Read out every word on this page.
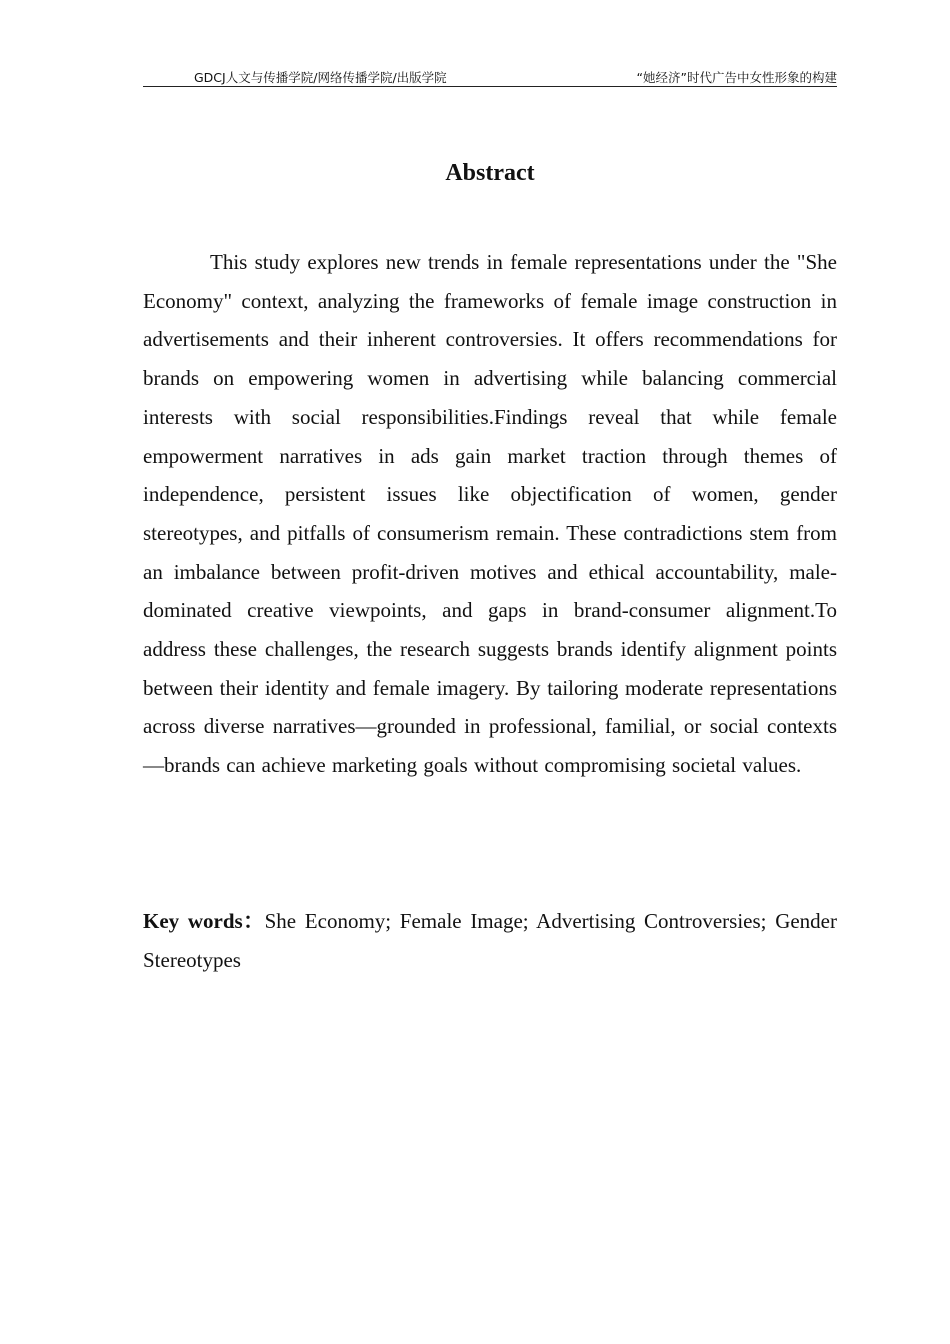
GDCJ人文与传播学院/网络传播学院/出版学院	“她经济”时代广告中女性形象的构建
Abstract

This study explores new trends in female representations under the "She Economy" context, analyzing the frameworks of female image construction in advertisements and their inherent controversies. It offers recommendations for brands on empowering women in advertising while balancing commercial interests with social responsibilities.Findings reveal that while female empowerment narratives in ads gain market traction through themes of independence, persistent issues like objectification of women, gender stereotypes, and pitfalls of consumerism remain. These contradictions stem from an imbalance between profit-driven motives and ethical accountability, male-dominated creative viewpoints, and gaps in brand-consumer alignment.To address these challenges, the research suggests brands identify alignment points between their identity and female imagery. By tailoring moderate representations across diverse narratives—grounded in professional, familial, or social contexts—brands can achieve marketing goals without compromising societal values.

Key words：She Economy; Female Image; Advertising Controversies; Gender Stereotypes
